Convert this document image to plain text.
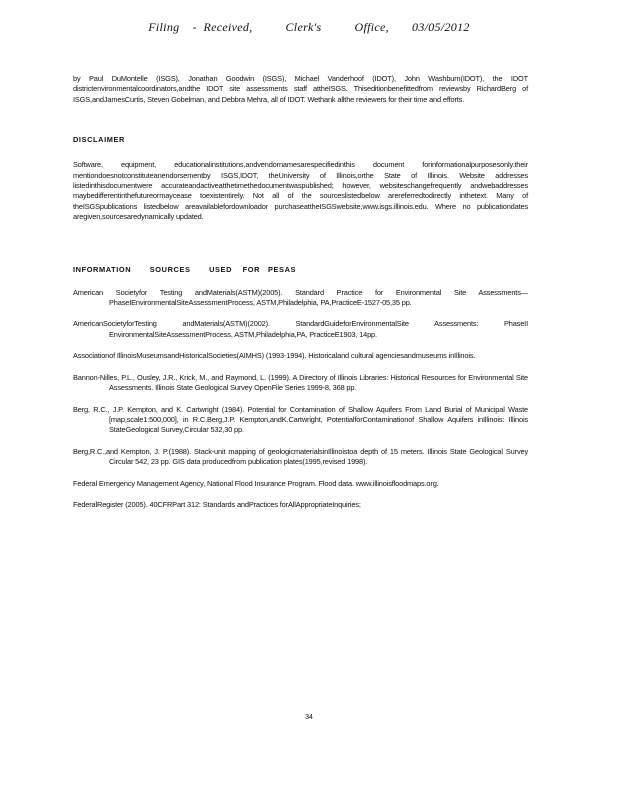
Filing    -  Received,          Clerk's          Office,       03/05/2012

by Paul DuMontelle (ISGS), Jonathan Goodwin (ISGS), Michael Vanderhoof (IDOT), John Washburn(IDOT), the IDOT districtenvironmentalcoordinators,andthe IDOT site assessments staff attheISGS. Thiseditionbenefittedfrom reviewsby RichardBerg of ISGS,andJamesCurtis, Steven Gobelman, and Debbra Mehra, all of IDOT. Wethank allthe reviewers for their time and efforts.

DISCLAIMER

Software, equipment, educationalinstitutions,andvendornamesarespecifiedinthis document forinformationalpurposesonly.their mentiondoesnotconstituteanendorsementby ISGS,IDOT, theUniversity of Illinois,orthe State of Illinois. Website addresses listedinthisdocumentwere accurateandactiveatthetimethedocumentwaspublished; however, websiteschangefrequently andwebaddresses maybedifferentinthefutureormaycease toexistentirely. Not all of the sourceslistedbelow arereferredtodirectly inthetext. Many of theISGSpublications listedbelow areavailablefordownloador purchaseattheISGSwebsite,www.isgs.illinois.edu. Where no publicationdates aregiven,sourcesaredynamically updated.

INFORMATION       SOURCES       USED    FOR   PESAS

American Societyfor Testing andMaterials(ASTM)(2005). Standard Practice for Environmental Site Assessments—PhaseIEnvironmentalSiteAssessmentProcess, ASTM,Philadelphia, PA,PracticeE-1527-05,35 pp.

AmericanSocietyforTesting andMaterials(ASTM)(2002). StandardGuideforEnvironmentalSite Assessments: PhaseII EnvironmentalSiteAssessmentProcess, ASTM,Philadelphia,PA, PracticeE1903, 14pp.

Associationof IllinoisMuseumsandHistoricalSocieties(AIMHS) (1993-1994). Historicaland cultural agenciesandmuseums inIllinois.

Bannon-Nilles, P.L., Ousley, J.R., Krick, M., and Raymond, L. (1999). A Directory of Illinois Libraries: Historical Resources for Environmental Site Assessments. Illinois State Geological Survey OpenFile Series 1999-8, 368 pp.

Berg, R.C., J.P. Kempton, and K. Cartwright (1984). Potential for Contamination of Shallow Aquifers From Land Burial of Municipal Waste [map,scale1:500,000], in R.C.Berg,J.P. Kempton,andK.Cartwright, PotentialforContaminationof Shallow Aquifers inIllinois: Illinois StateGeological Survey,Circular 532,30 pp.

Berg,R.C.,and Kempton, J. P.(1988). Stack-unit mapping of geologicmaterialsinIllinoistoa depth of 15 meters. Illinois State Geological Survey Circular 542, 23 pp. GIS data producedfrom publication plates(1995,revised 1998).

Federal Emergency Management Agency, National Flood Insurance Program. Flood data. www.illinoisfloodmaps.org.

FederalRegister (2005). 40CFRPart 312: Standards andPractices forAllAppropriateInquiries;

34
